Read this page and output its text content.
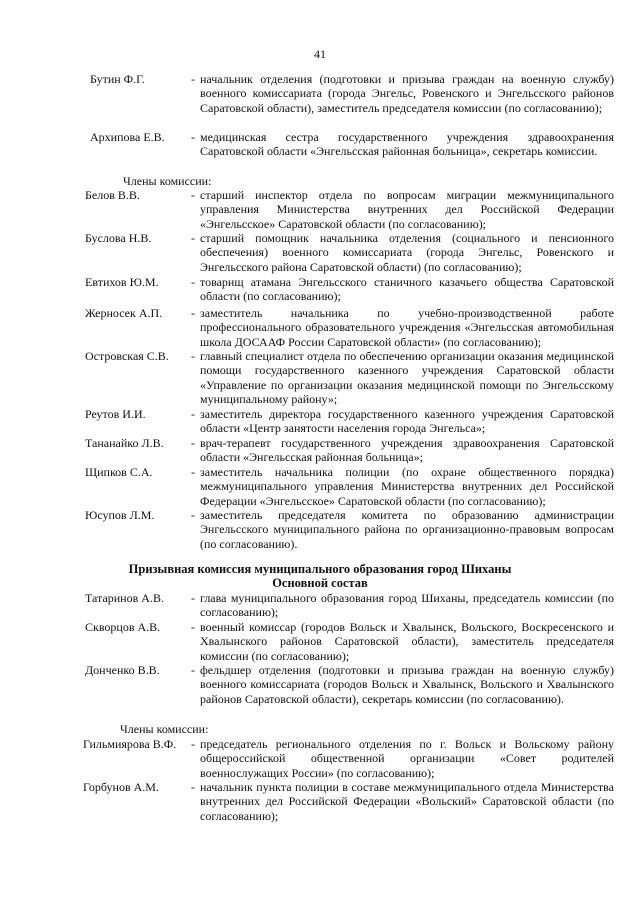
41
Бутин Ф.Г.	- начальник отделения (подготовки и призыва граждан на военную службу) военного комиссариата (города Энгельс, Ровенского и Энгельсского районов Саратовской области), заместитель председателя комиссии (по согласованию);
Архипова Е.В.	- медицинская сестра государственного учреждения здравоохранения Саратовской области «Энгельсская районная больница», секретарь комиссии.
Члены комиссии:
Белов В.В.	- старший инспектор отдела по вопросам миграции межмуниципального управления Министерства внутренних дел Российской Федерации «Энгельсское» Саратовской области (по согласованию);
Буслова Н.В.	- старший помощник начальника отделения (социального и пенсионного обеспечения) военного комиссариата (города Энгельс, Ровенского и Энгельсского района Саратовской области) (по согласованию);
Евтихов Ю.М.	- товарищ атамана Энгельсского станичного казачьего общества Саратовской области (по согласованию);
Жерносек А.П.	- заместитель начальника по учебно-производственной работе профессионального образовательного учреждения «Энгельсская автомобильная школа ДОСААФ России Саратовской области» (по согласованию);
Островская С.В.	- главный специалист отдела по обеспечению организации оказания медицинской помощи государственного казенного учреждения Саратовской области «Управление по организации оказания медицинской помощи по Энгельсскому муниципальному району»;
Реутов И.И.	- заместитель директора государственного казенного учреждения Саратовской области «Центр занятости населения города Энгельса»;
Тананайко Л.В.	- врач-терапевт государственного учреждения здравоохранения Саратовской области «Энгельсская районная больница»;
Щипков С.А.	- заместитель начальника полиции (по охране общественного порядка) межмуниципального управления Министерства внутренних дел Российской Федерации «Энгельсское» Саратовской области (по согласованию);
Юсупов Л.М.	- заместитель председателя комитета по образованию администрации Энгельсского муниципального района по организационно-правовым вопросам (по согласованию).
Призывная комиссия муниципального образования город Шиханы
Основной состав
Татаринов А.В.	- глава муниципального образования город Шиханы, председатель комиссии (по согласованию);
Скворцов А.В.	- военный комиссар (городов Вольск и Хвалынск, Вольского, Воскресенского и Хвалынского районов Саратовской области), заместитель председателя комиссии (по согласованию);
Донченко В.В.	- фельдшер отделения (подготовки и призыва граждан на военную службу) военного комиссариата (городов Вольск и Хвалынск, Вольского и Хвалынского районов Саратовской области), секретарь комиссии (по согласованию).
Члены комиссии:
Гильмиярова В.Ф.	- председатель регионального отделения по г. Вольск и Вольскому району общероссийской общественной организации «Совет родителей военнослужащих России» (по согласованию);
Горбунов А.М.	- начальник пункта полиции в составе межмуниципального отдела Министерства внутренних дел Российской Федерации «Вольский» Саратовской области (по согласованию);
